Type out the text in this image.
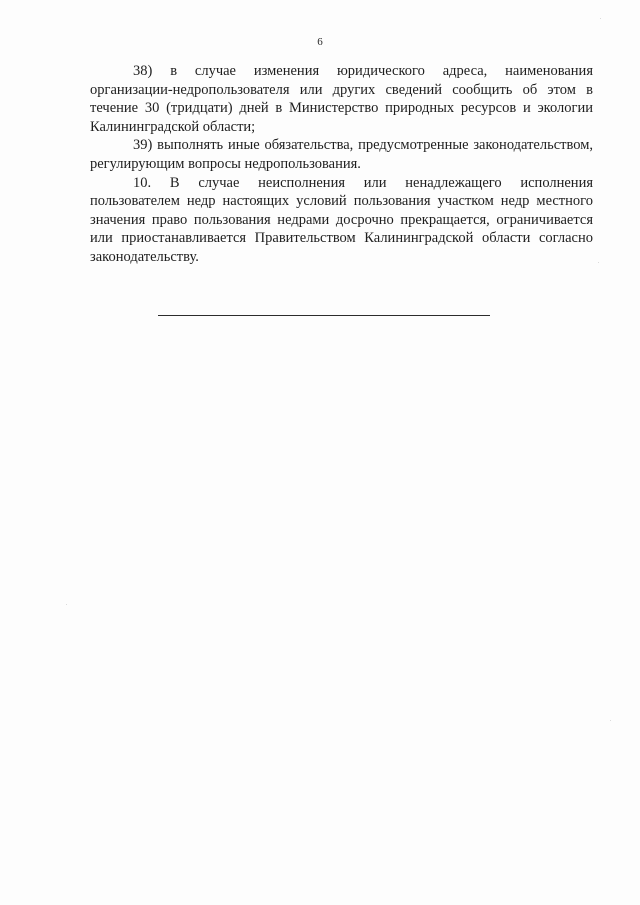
6

38) в случае изменения юридического адреса, наименования организации-недропользователя или других сведений сообщить об этом в течение 30 (тридцати) дней в Министерство природных ресурсов и экологии Калининградской области;

39) выполнять иные обязательства, предусмотренные законодательством, регулирующим вопросы недропользования.

10. В случае неисполнения или ненадлежащего исполнения пользователем недр настоящих условий пользования участком недр местного значения право пользования недрами досрочно прекращается, ограничивается или приостанавливается Правительством Калининградской области согласно законодательству.
